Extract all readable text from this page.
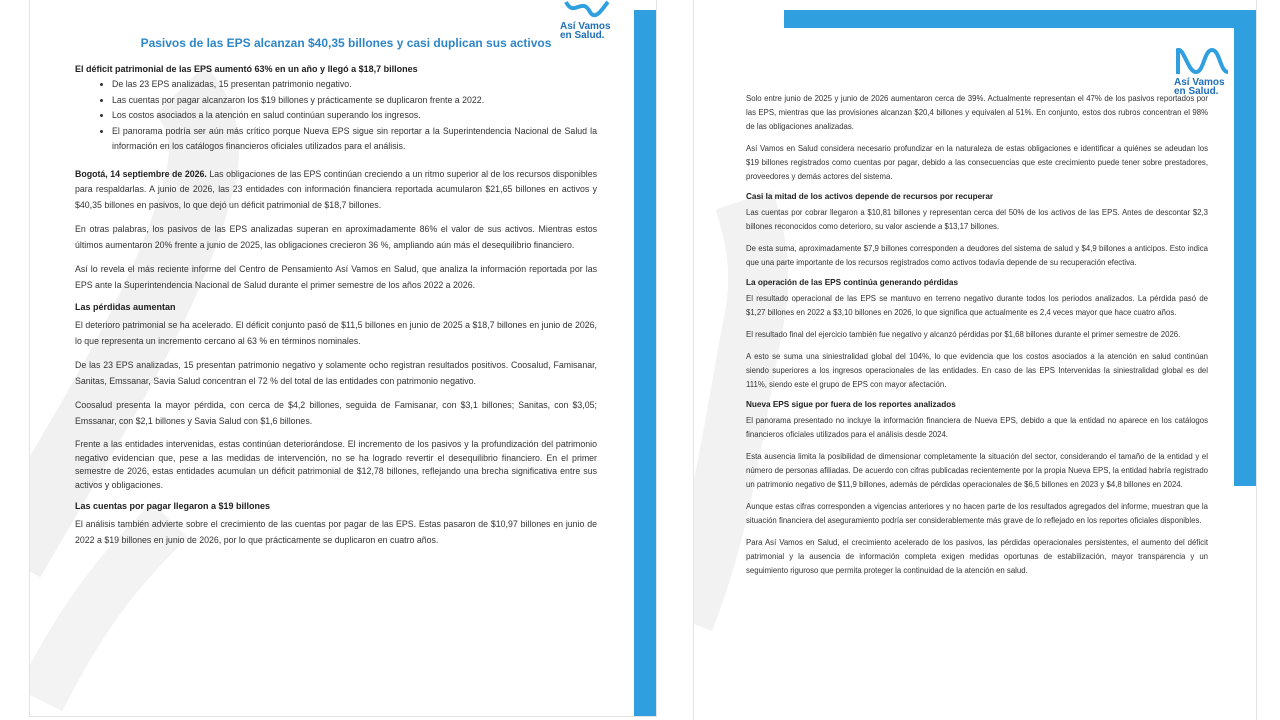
Así Vamos
en Salud.
Pasivos de las EPS alcanzan $40,35 billones y casi duplican sus activos
El déficit patrimonial de las EPS aumentó 63% en un año y llegó a $18,7 billones
• De las 23 EPS analizadas, 15 presentan patrimonio negativo.
• Las cuentas por pagar alcanzaron los $19 billones y prácticamente se duplicaron frente a 2022.
• Los costos asociados a la atención en salud continúan superando los ingresos.
• El panorama podría ser aún más crítico porque Nueva EPS sigue sin reportar a la Superintendencia Nacional de Salud la información en los catálogos financieros oficiales utilizados para el análisis.

Bogotá, 14 septiembre de 2026. Las obligaciones de las EPS continúan creciendo a un ritmo superior al de los recursos disponibles para respaldarlas. A junio de 2026, las 23 entidades con información financiera reportada acumularon $21,65 billones en activos y $40,35 billones en pasivos, lo que dejó un déficit patrimonial de $18,7 billones.

En otras palabras, los pasivos de las EPS analizadas superan en aproximadamente 86% el valor de sus activos. Mientras estos últimos aumentaron 20% frente a junio de 2025, las obligaciones crecieron 36 %, ampliando aún más el desequilibrio financiero.

Así lo revela el más reciente informe del Centro de Pensamiento Así Vamos en Salud, que analiza la información reportada por las EPS ante la Superintendencia Nacional de Salud durante el primer semestre de los años 2022 a 2026.

Las pérdidas aumentan

El deterioro patrimonial se ha acelerado. El déficit conjunto pasó de $11,5 billones en junio de 2025 a $18,7 billones en junio de 2026, lo que representa un incremento cercano al 63 % en términos nominales.

De las 23 EPS analizadas, 15 presentan patrimonio negativo y solamente ocho registran resultados positivos. Coosalud, Famisanar, Sanitas, Emssanar, Savia Salud concentran el 72 % del total de las entidades con patrimonio negativo.

Coosalud presenta la mayor pérdida, con cerca de $4,2 billones, seguida de Famisanar, con $3,1 billones; Sanitas, con $3,05; Emssanar, con $2,1 billones y Savia Salud con $1,6 billones.

Frente a las entidades intervenidas, estas continúan deteriorándose. El incremento de los pasivos y la profundización del patrimonio negativo evidencian que, pese a las medidas de intervención, no se ha logrado revertir el desequilibrio financiero. En el primer semestre de 2026, estas entidades acumulan un déficit patrimonial de $12,78 billones, reflejando una brecha significativa entre sus activos y obligaciones.

Las cuentas por pagar llegaron a $19 billones

El análisis también advierte sobre el crecimiento de las cuentas por pagar de las EPS. Estas pasaron de $10,97 billones en junio de 2022 a $19 billones en junio de 2026, por lo que prácticamente se duplicaron en cuatro años.

Así Vamos
en Salud.

Solo entre junio de 2025 y junio de 2026 aumentaron cerca de 39%. Actualmente representan el 47% de los pasivos reportados por las EPS, mientras que las provisiones alcanzan $20,4 billones y equivalen al 51%. En conjunto, estos dos rubros concentran el 98% de las obligaciones analizadas.

Así Vamos en Salud considera necesario profundizar en la naturaleza de estas obligaciones e identificar a quiénes se adeudan los $19 billones registrados como cuentas por pagar, debido a las consecuencias que este crecimiento puede tener sobre prestadores, proveedores y demás actores del sistema.

Casi la mitad de los activos depende de recursos por recuperar

Las cuentas por cobrar llegaron a $10,81 billones y representan cerca del 50% de los activos de las EPS. Antes de descontar $2,3 billones reconocidos como deterioro, su valor asciende a $13,17 billones.

De esta suma, aproximadamente $7,9 billones corresponden a deudores del sistema de salud y $4,9 billones a anticipos. Esto indica que una parte importante de los recursos registrados como activos todavía depende de su recuperación efectiva.

La operación de las EPS continúa generando pérdidas

El resultado operacional de las EPS se mantuvo en terreno negativo durante todos los periodos analizados. La pérdida pasó de $1,27 billones en 2022 a $3,10 billones en 2026, lo que significa que actualmente es 2,4 veces mayor que hace cuatro años.

El resultado final del ejercicio también fue negativo y alcanzó pérdidas por $1,68 billones durante el primer semestre de 2026.

A esto se suma una siniestralidad global del 104%, lo que evidencia que los costos asociados a la atención en salud continúan siendo superiores a los ingresos operacionales de las entidades. En caso de las EPS Intervenidas la siniestralidad global es del 111%, siendo este el grupo de EPS con mayor afectación.

Nueva EPS sigue por fuera de los reportes analizados

El panorama presentado no incluye la información financiera de Nueva EPS, debido a que la entidad no aparece en los catálogos financieros oficiales utilizados para el análisis desde 2024.

Esta ausencia limita la posibilidad de dimensionar completamente la situación del sector, considerando el tamaño de la entidad y el número de personas afiliadas. De acuerdo con cifras publicadas recientemente por la propia Nueva EPS, la entidad habría registrado un patrimonio negativo de $11,9 billones, además de pérdidas operacionales de $6,5 billones en 2023 y $4,8 billones en 2024.

Aunque estas cifras corresponden a vigencias anteriores y no hacen parte de los resultados agregados del informe, muestran que la situación financiera del aseguramiento podría ser considerablemente más grave de lo reflejado en los reportes oficiales disponibles.

Para Así Vamos en Salud, el crecimiento acelerado de los pasivos, las pérdidas operacionales persistentes, el aumento del déficit patrimonial y la ausencia de información completa exigen medidas oportunas de estabilización, mayor transparencia y un seguimiento riguroso que permita proteger la continuidad de la atención en salud.
